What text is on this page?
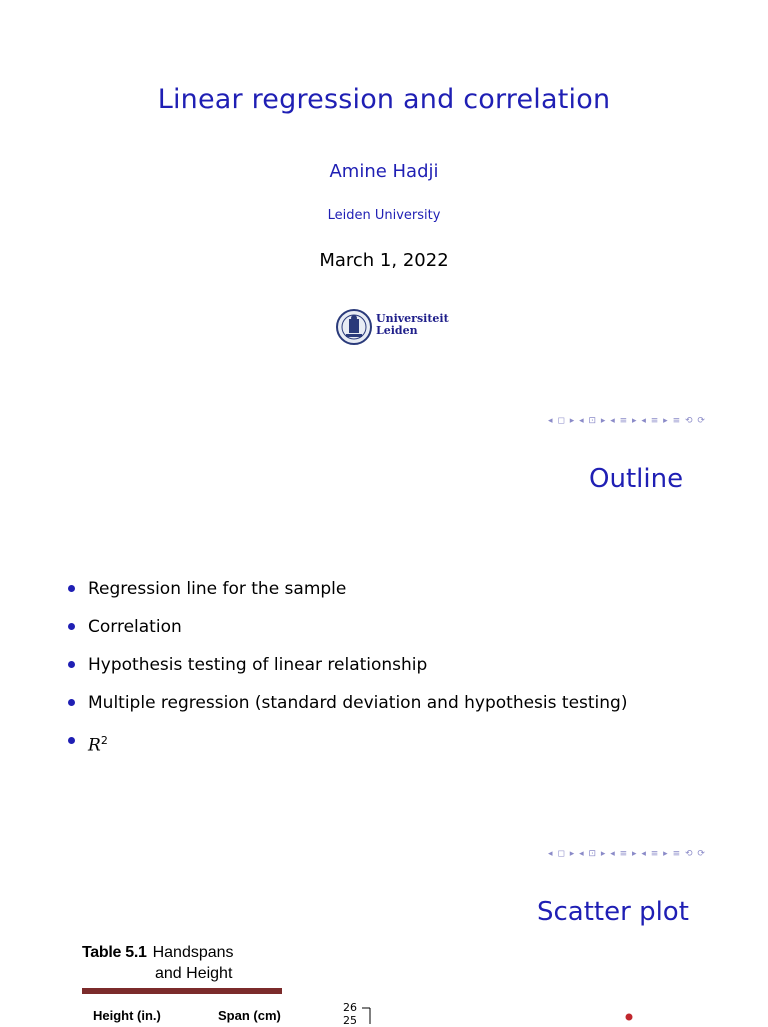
Linear regression and correlation
Amine Hadji
Leiden University
March 1, 2022
Universiteit
Leiden
◂ ◻ ▸ ◂ ⊡ ▸ ◂ ≡ ▸ ◂ ≡ ▸ ≡ ⟲ ⟳
Outline
Regression line for the sample
Correlation
Hypothesis testing of linear relationship
Multiple regression (standard deviation and hypothesis testing)
$R^2$
◂ ◻ ▸ ◂ ⊡ ▸ ◂ ≡ ▸ ◂ ≡ ▸ ≡ ⟲ ⟳
Scatter plot
Table 5.1 Handspans
and Height
Height (in.)	Span (cm)
26
25
